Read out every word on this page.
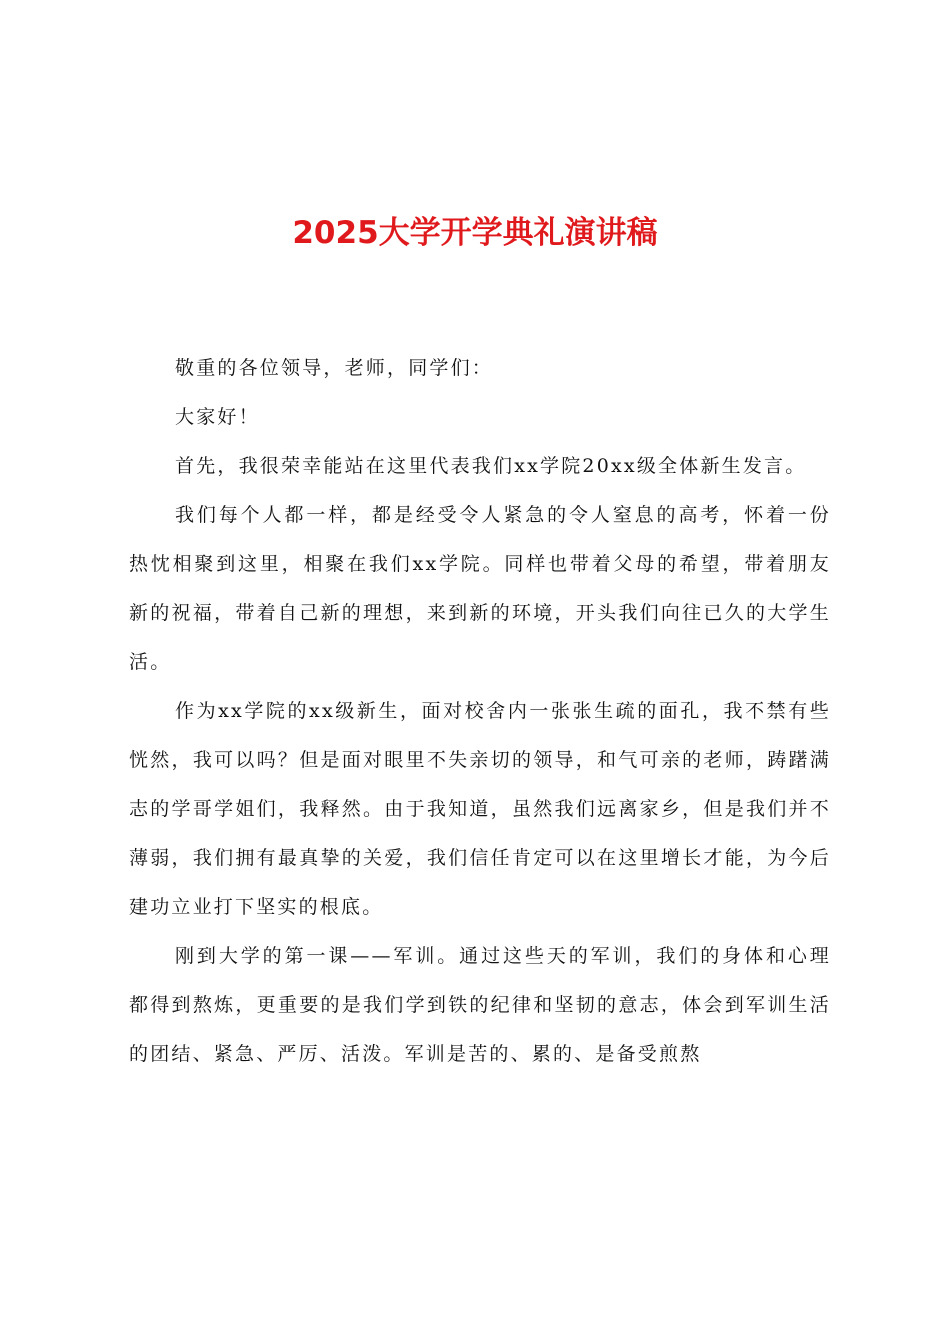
2025大学开学典礼演讲稿

敬重的各位领导，老师，同学们：

大家好！

首先，我很荣幸能站在这里代表我们xx学院20xx级全体新生发言。

我们每个人都一样，都是经受令人紧急的令人窒息的高考，怀着一份热忱相聚到这里，相聚在我们xx学院。同样也带着父母的希望，带着朋友新的祝福，带着自己新的理想，来到新的环境，开头我们向往已久的大学生活。

作为xx学院的xx级新生，面对校舍内一张张生疏的面孔，我不禁有些恍然，我可以吗？但是面对眼里不失亲切的领导，和气可亲的老师，踌躇满志的学哥学姐们，我释然。由于我知道，虽然我们远离家乡，但是我们并不薄弱，我们拥有最真挚的关爱，我们信任肯定可以在这里增长才能，为今后建功立业打下坚实的根底。

刚到大学的第一课——军训。通过这些天的军训，我们的身体和心理都得到熬炼，更重要的是我们学到铁的纪律和坚韧的意志，体会到军训生活的团结、紧急、严厉、活泼。军训是苦的、累的、是备受煎熬
